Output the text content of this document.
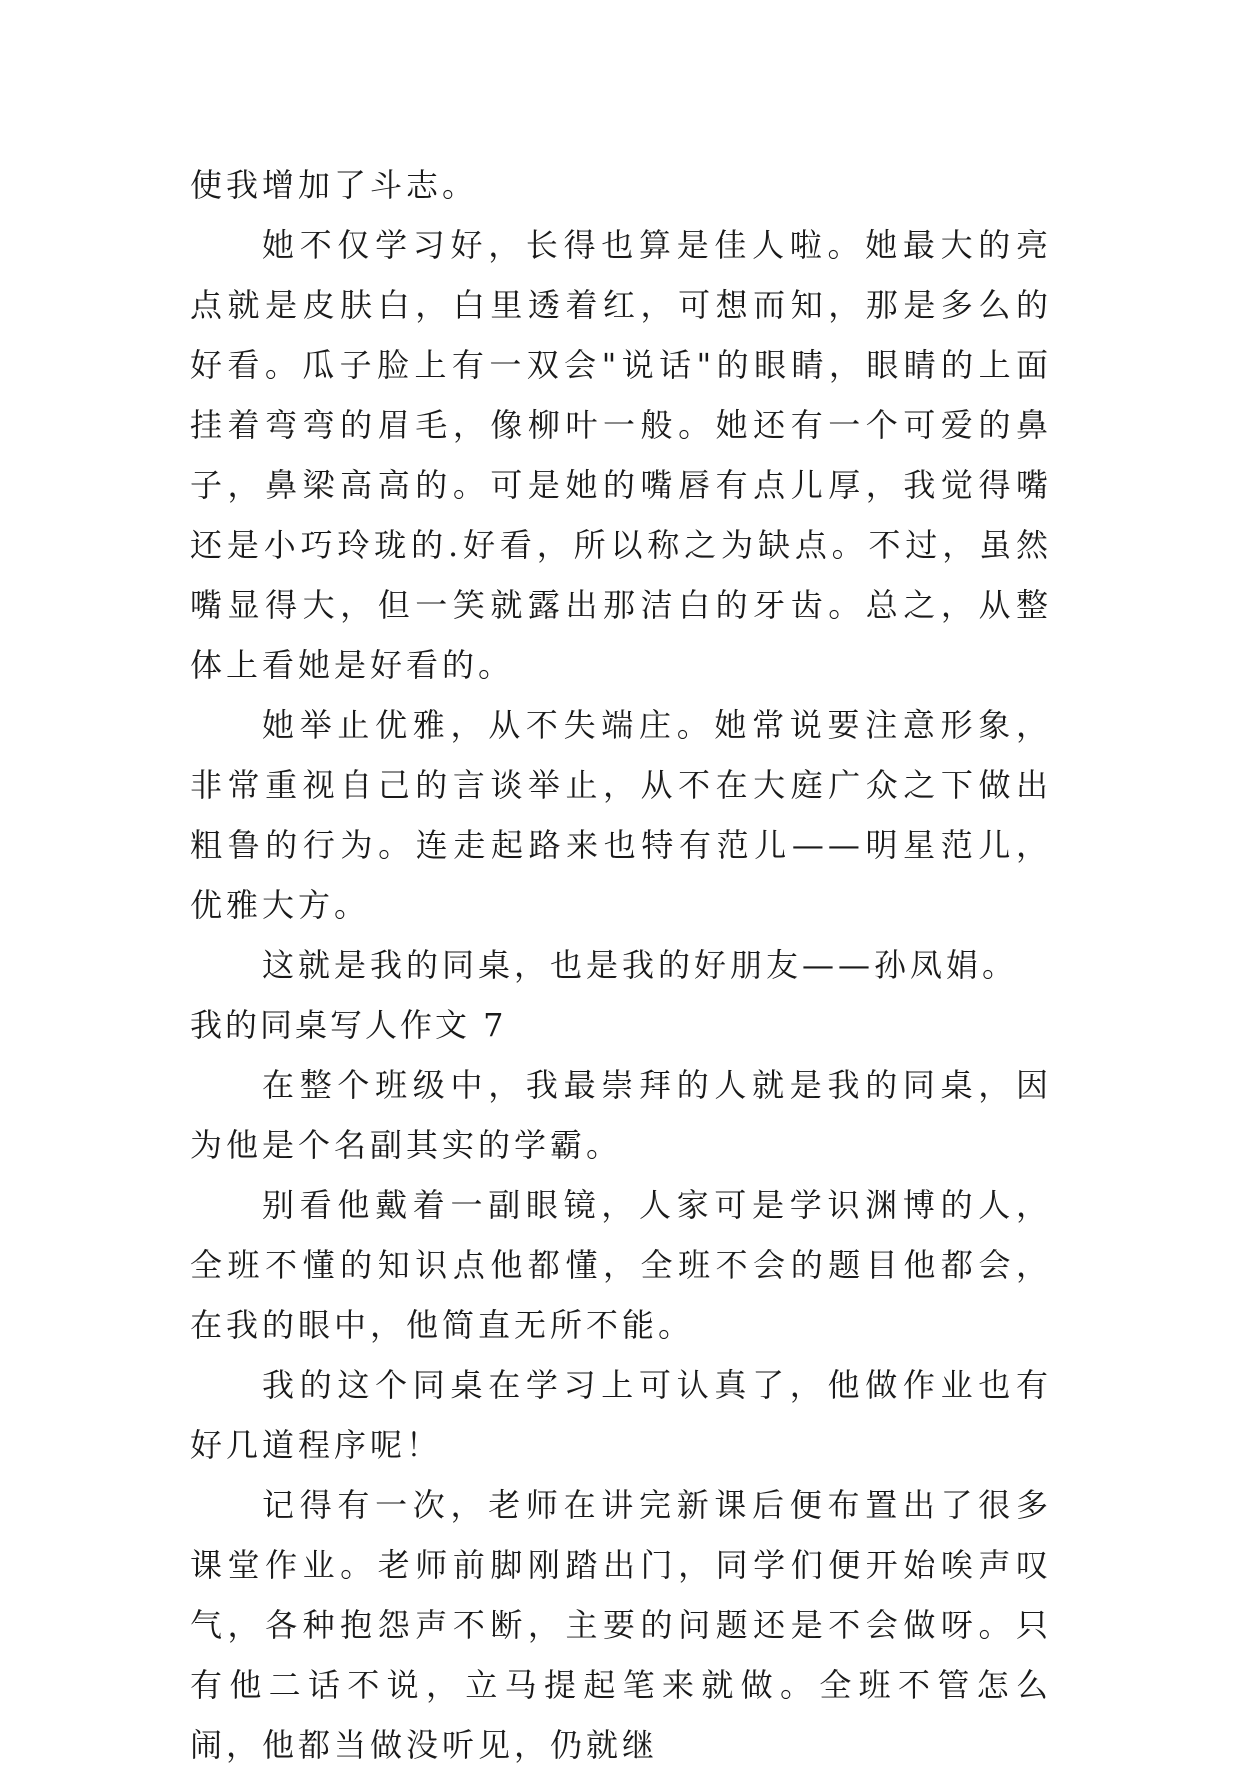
使我增加了斗志。

她不仅学习好，长得也算是佳人啦。她最大的亮点就是皮肤白，白里透着红，可想而知，那是多么的好看。瓜子脸上有一双会"说话"的眼睛，眼睛的上面挂着弯弯的眉毛，像柳叶一般。她还有一个可爱的鼻子，鼻梁高高的。可是她的嘴唇有点儿厚，我觉得嘴还是小巧玲珑的.好看，所以称之为缺点。不过，虽然嘴显得大，但一笑就露出那洁白的牙齿。总之，从整体上看她是好看的。

她举止优雅，从不失端庄。她常说要注意形象，非常重视自己的言谈举止，从不在大庭广众之下做出粗鲁的行为。连走起路来也特有范儿——明星范儿，优雅大方。

这就是我的同桌，也是我的好朋友——孙凤娟。

我的同桌写人作文 7

在整个班级中，我最崇拜的人就是我的同桌，因为他是个名副其实的学霸。

别看他戴着一副眼镜，人家可是学识渊博的人，全班不懂的知识点他都懂，全班不会的题目他都会，在我的眼中，他简直无所不能。

我的这个同桌在学习上可认真了，他做作业也有好几道程序呢！

记得有一次，老师在讲完新课后便布置出了很多课堂作业。老师前脚刚踏出门，同学们便开始唉声叹气，各种抱怨声不断，主要的问题还是不会做呀。只有他二话不说，立马提起笔来就做。全班不管怎么闹，他都当做没听见，仍就继
